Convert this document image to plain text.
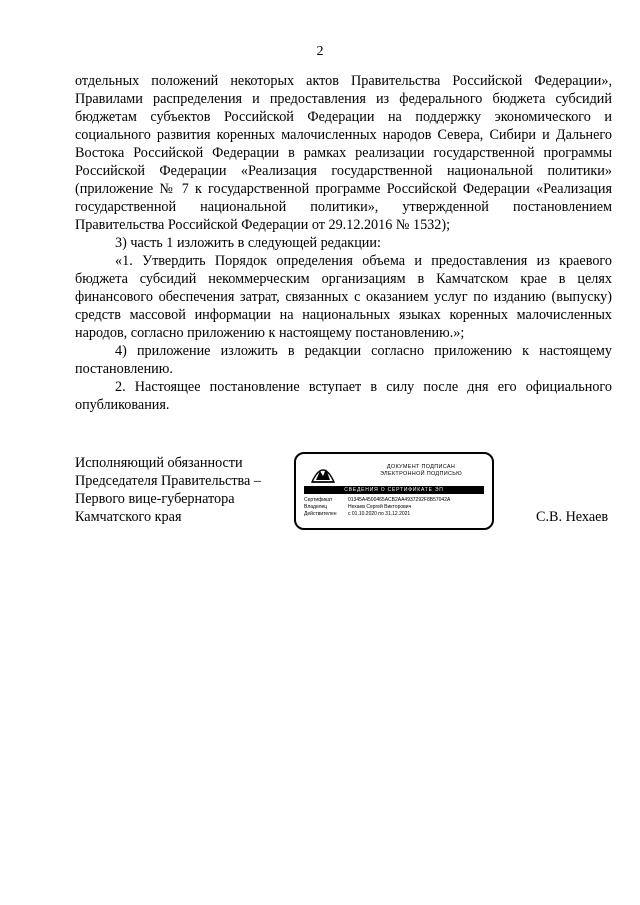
2

отдельных положений некоторых актов Правительства Российской Федерации», Правилами распределения и предоставления из федерального бюджета субсидий бюджетам субъектов Российской Федерации на поддержку экономического и социального развития коренных малочисленных народов Севера, Сибири и Дальнего Востока Российской Федерации в рамках реализации государственной программы Российской Федерации «Реализация государственной национальной политики» (приложение № 7 к государственной программе Российской Федерации «Реализация государственной национальной политики», утвержденной постановлением Правительства Российской Федерации от 29.12.2016 № 1532);

3) часть 1 изложить в следующей редакции:

«1. Утвердить Порядок определения объема и предоставления из краевого бюджета субсидий некоммерческим организациям в Камчатском крае в целях финансового обеспечения затрат, связанных с оказанием услуг по изданию (выпуску) средств массовой информации на национальных языках коренных малочисленных народов, согласно приложению к настоящему постановлению.»;

4) приложение изложить в редакции согласно приложению к настоящему постановлению.

2. Настоящее постановление вступает в силу после дня его официального опубликования.

Исполняющий обязанности
Председателя Правительства –
Первого вице-губернатора
Камчатского края
ДОКУМЕНТ ПОДПИСАН
ЭЛЕКТРОННОЙ ПОДПИСЬЮ
СВЕДЕНИЯ О СЕРТИФИКАТЕ ЭП
Сертификат	01345A4500465ACB2AA4937292F8B57042A
Владелец	Нехаев Сергей Викторович
Действителен	с 01.10.2020 по 31.12.2021	С.В. Нехаев
